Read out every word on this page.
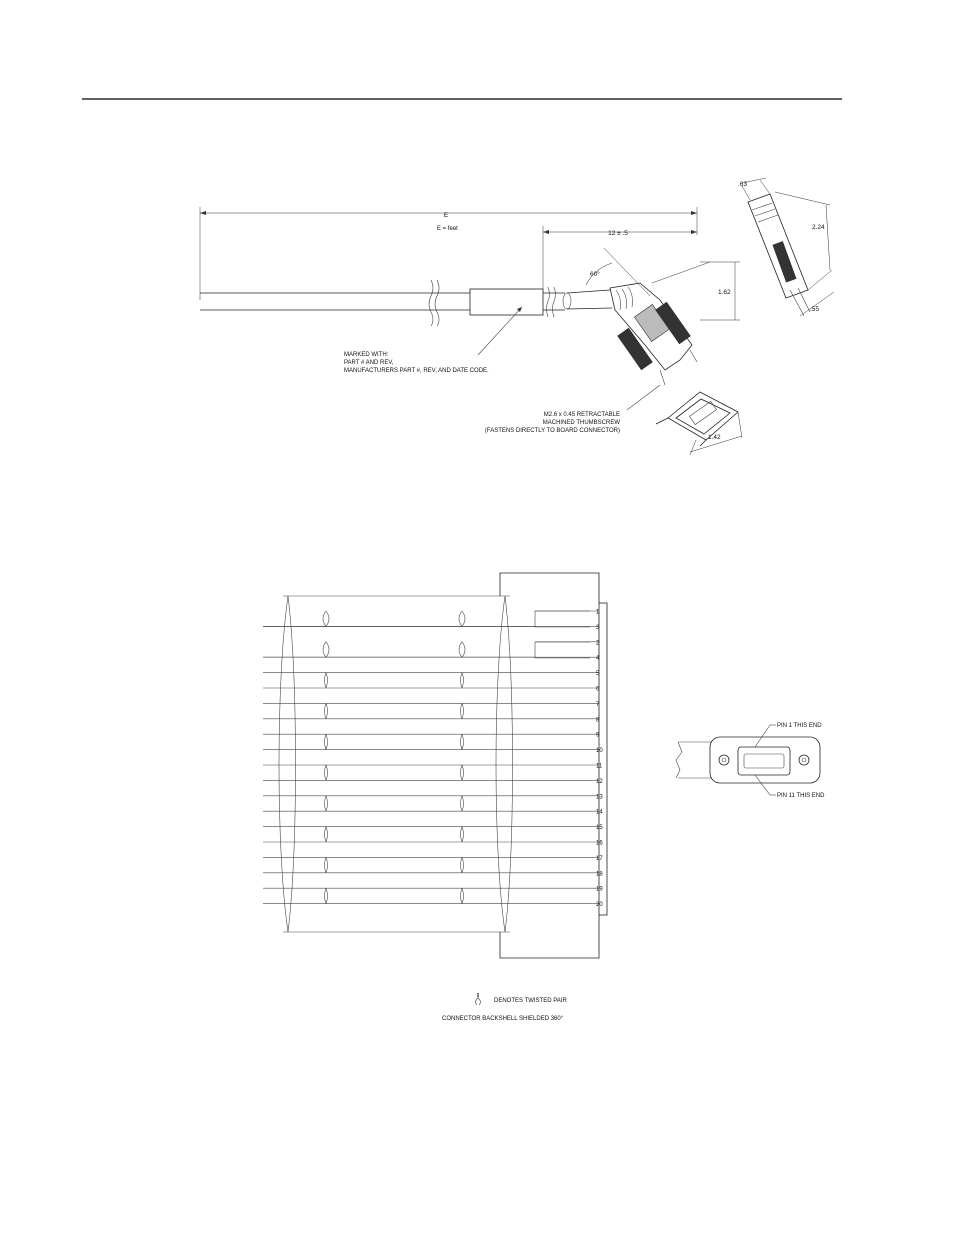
E
E = feet
12 ± .5
60°
1.62
.63
2.24
.55
1.42
MARKED WITH:
PART # AND REV,
MANUFACTURERS PART #, REV, AND DATE CODE.
M2.6 x 0.45 RETRACTABLE
MACHINED THUMBSCREW
(FASTENS DIRECTLY TO BOARD CONNECTOR)
1
3
2
4
5
6
7
8
9
10
11
12
13
14
15
16
17
18
19
20
PIN 1 THIS END
PIN 11 THIS END
DENOTES TWISTED PAIR
CONNECTOR BACKSHELL SHIELDED 360°
